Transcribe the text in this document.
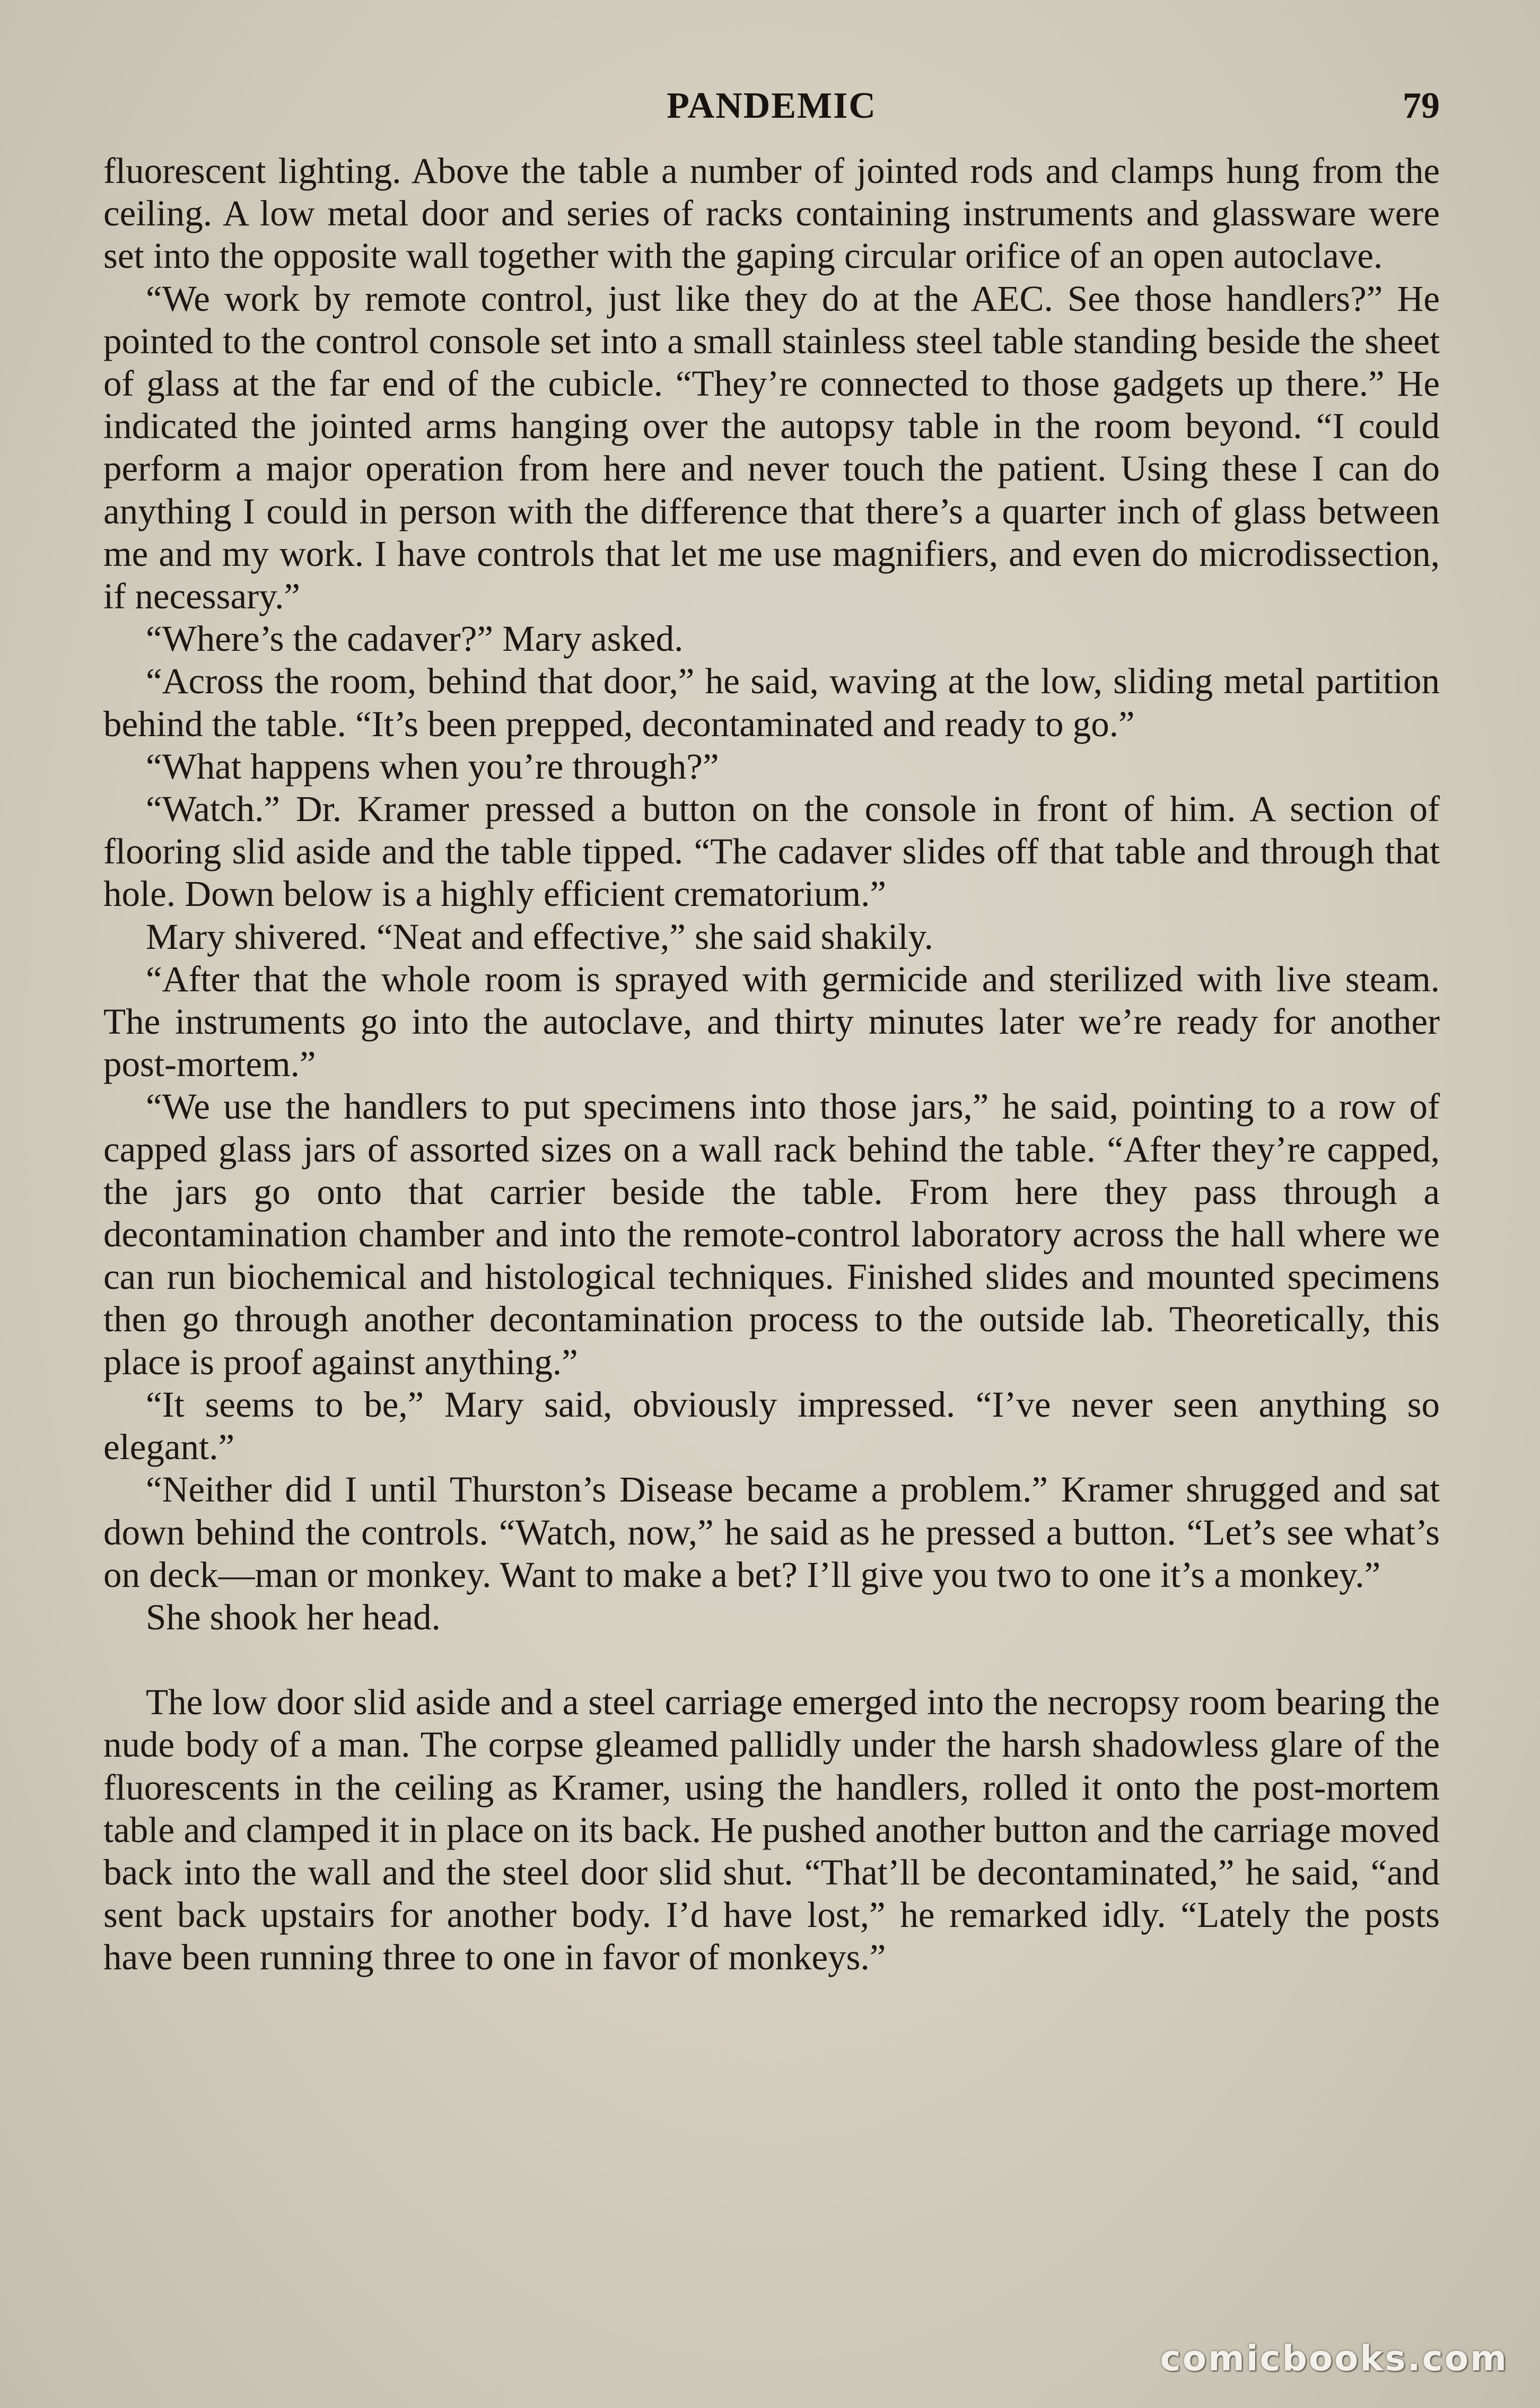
PANDEMIC	79

fluorescent lighting. Above the table a number of jointed rods and clamps hung from the ceiling. A low metal door and series of racks containing instruments and glassware were set into the opposite wall together with the gaping circular orifice of an open autoclave.

“We work by remote control, just like they do at the AEC. See those handlers?” He pointed to the control console set into a small stainless steel table standing beside the sheet of glass at the far end of the cubicle. “They’re connected to those gadgets up there.” He indicated the jointed arms hanging over the autopsy table in the room beyond. “I could perform a major operation from here and never touch the patient. Using these I can do anything I could in person with the difference that there’s a quarter inch of glass between me and my work. I have controls that let me use magnifiers, and even do microdissection, if necessary.”

“Where’s the cadaver?” Mary asked.

“Across the room, behind that door,” he said, waving at the low, sliding metal partition behind the table. “It’s been prepped, decontaminated and ready to go.”

“What happens when you’re through?”

“Watch.” Dr. Kramer pressed a button on the console in front of him. A section of flooring slid aside and the table tipped. “The cadaver slides off that table and through that hole. Down below is a highly efficient crematorium.”

Mary shivered. “Neat and effective,” she said shakily.

“After that the whole room is sprayed with germicide and sterilized with live steam. The instruments go into the autoclave, and thirty minutes later we’re ready for another post-mortem.”

“We use the handlers to put specimens into those jars,” he said, pointing to a row of capped glass jars of assorted sizes on a wall rack behind the table. “After they’re capped, the jars go onto that carrier beside the table. From here they pass through a decontamination chamber and into the remote-control laboratory across the hall where we can run biochemical and histological techniques. Finished slides and mounted specimens then go through another decontamination process to the outside lab. Theoretically, this place is proof against anything.”

“It seems to be,” Mary said, obviously impressed. “I’ve never seen anything so elegant.”

“Neither did I until Thurston’s Disease became a problem.” Kramer shrugged and sat down behind the controls. “Watch, now,” he said as he pressed a button. “Let’s see what’s on deck—man or monkey. Want to make a bet? I’ll give you two to one it’s a monkey.”

She shook her head.

The low door slid aside and a steel carriage emerged into the necropsy room bearing the nude body of a man. The corpse gleamed pallidly under the harsh shadowless glare of the fluorescents in the ceiling as Kramer, using the handlers, rolled it onto the post-mortem table and clamped it in place on its back. He pushed another button and the carriage moved back into the wall and the steel door slid shut. “That’ll be decontaminated,” he said, “and sent back upstairs for another body. I’d have lost,” he remarked idly. “Lately the posts have been running three to one in favor of monkeys.”

comicbooks.com
